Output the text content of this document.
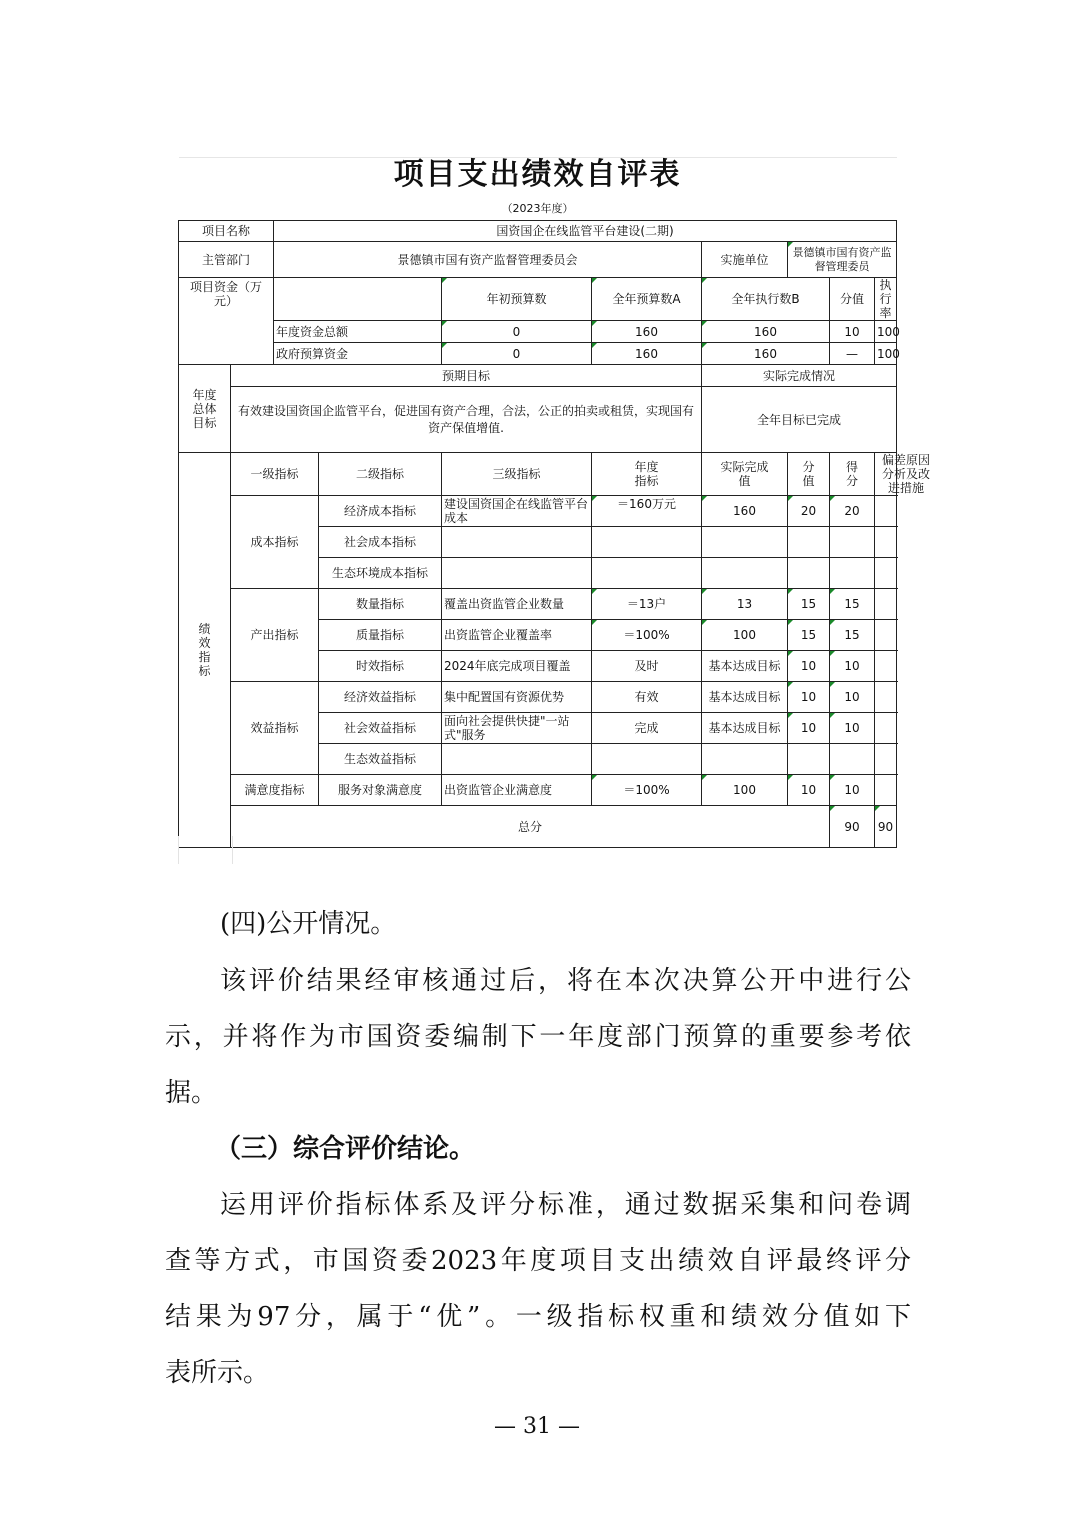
项目支出绩效自评表										
（2023年度）										
项目名称		国资国企在线监管平台建设(二期)								
主管部门		景德镇市国有资产监督管理委员会				实施单位	景德镇市国有资产监督管理委员			

项目资金（万元）				年初预算数	全年预算数A	全年执行数B		分值	执行率	
		年度资金总额		0	160	160		10	100	
		政府预算资金		0	160	160		—	100	

年度总体目标	预期目标					实际完成情况				

	有效建设国资国企监管平台，促进国有资产合理，合法，公正的拍卖或租赁，实现国有资产保值增值.					全年目标已完成				

绩效指标	一级指标		二级指标	三级指标	年度指标	实际完成值	分值	得分	偏差原因分析及改进措施	

	成本指标		经济成本指标	建设国资国企在线监管平台成本	＝160万元	160	20	20		
			社会成本指标							
			生态环境成本指标							
	产出指标		数量指标	覆盖出资监管企业数量	＝13户	13	15	15		
			质量指标	出资监管企业覆盖率	＝100%	100	15	15		
			时效指标	2024年底完成项目覆盖	及时	基本达成目标	10	10		
	效益指标		经济效益指标	集中配置国有资源优势	有效	基本达成目标	10	10		
			社会效益指标	面向社会提供快捷"一站式"服务	完成	基本达成目标	10	10		
			生态效益指标							
	满意度指标		服务对象满意度	出资监管企业满意度	＝100%	100	10	10		
	总分							90	90	

(四)公开情况。

该评价结果经审核通过后，将在本次决算公开中进行公

示，并将作为市国资委编制下一年度部门预算的重要参考依

据。

（三）综合评价结论。

运用评价指标体系及评分标准，通过数据采集和问卷调

查等方式，市国资委2023年度项目支出绩效自评最终评分

结果为97分，属于“优”。一级指标权重和绩效分值如下

表所示。

— 31 —
